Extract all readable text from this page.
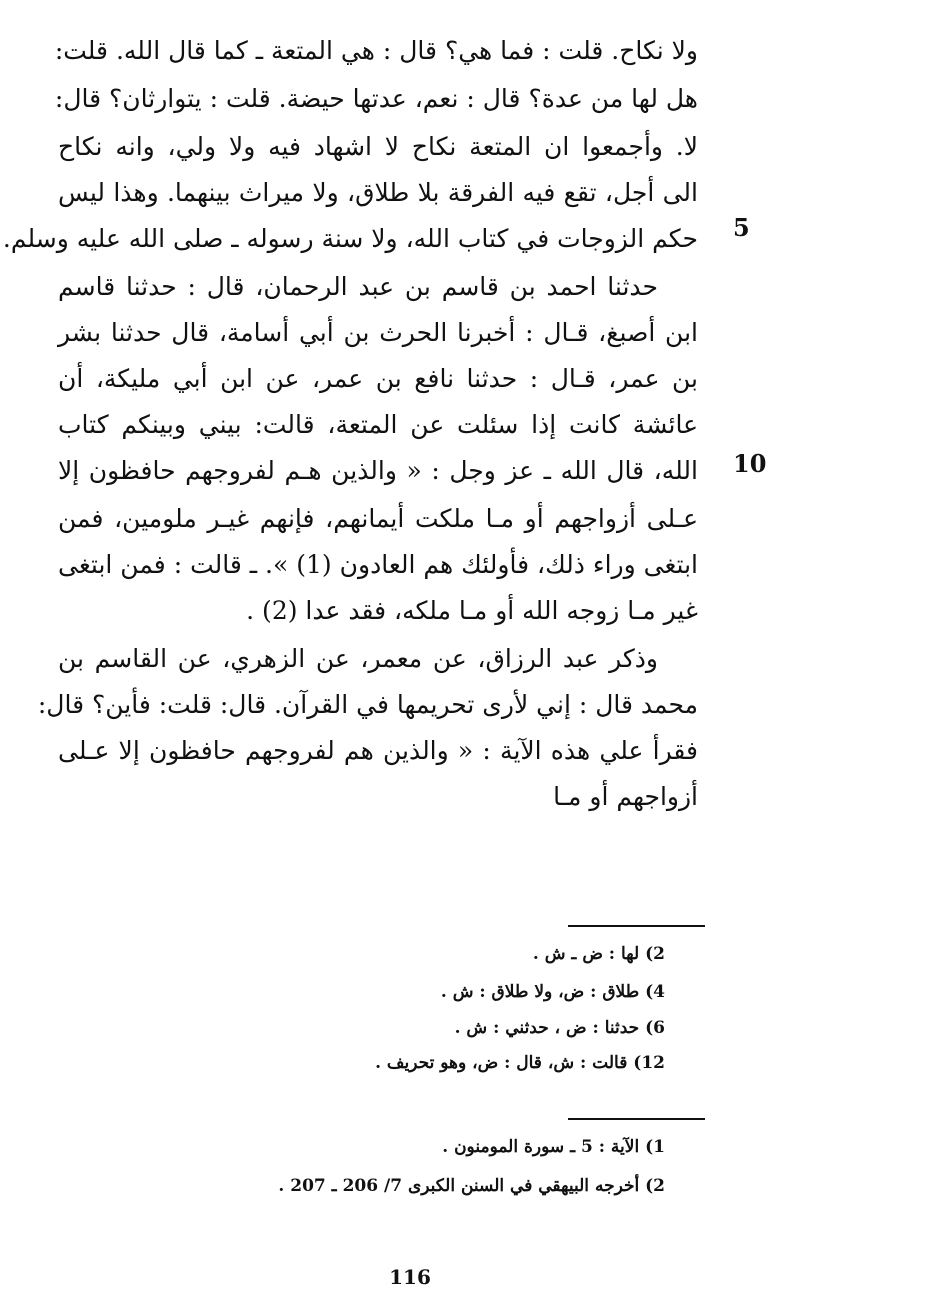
ولا نكاح. قلت : فما هي؟ قال : هي المتعة ـ كما قال الله. قلت:
هل لها من عدة؟ قال : نعم، عدتها حيضة. قلت : يتوارثان؟ قال:
لا. وأجمعوا ان المتعة نكاح لا اشهاد فيه ولا ولي، وانه نكاح
الى أجل، تقع فيه الفرقة بلا طلاق، ولا ميراث بينهما. وهذا ليس
حكم الزوجات في كتاب الله، ولا سنة رسوله ـ صلى الله عليه وسلم. 5
حدثنا احمد بن قاسم بن عبد الرحمان، قال : حدثنا قاسم
ابن أصبغ، قـال : أخبرنا الحرث بن أبي أسامة، قال حدثنا بشر
بن عمر، قـال : حدثنا نافع بن عمر، عن ابن أبي مليكة، أن
عائشة كانت إذا سئلت عن المتعة، قالت: بيني وبينكم كتاب
الله، قال الله ـ عز وجل : « والذين هـم لفروجهم حافظون إلا 10
عـلى أزواجهم أو مـا ملكت أيمانهم، فإنهم غيـر ملومين، فمن
ابتغى وراء ذلك، فأولئك هم العادون (1) ». ـ قالت : فمن ابتغى
غير مـا زوجه الله أو مـا ملكه، فقد عدا (2) .
وذكر عبد الرزاق، عن معمر، عن الزهري، عن القاسم بن
محمد قال : إني لأرى تحريمها في القرآن. قال: قلت: فأين؟ قال:
فقرأ علي هذه الآية : « والذين هم لفروجهم حافظون إلا عـلى
أزواجهم أو مـا
2) لها : ض ـ ش .
4) طلاق : ض، ولا طلاق : ش .
6) حدثنا : ض ، حدثني : ش .
12) قالت : ش، قال : ض، وهو تحريف .
1) الآية : 5 ـ سورة المومنون .
2) أخرجه البيهقي في السنن الكبرى 7/ 206 ـ 207 .
116
